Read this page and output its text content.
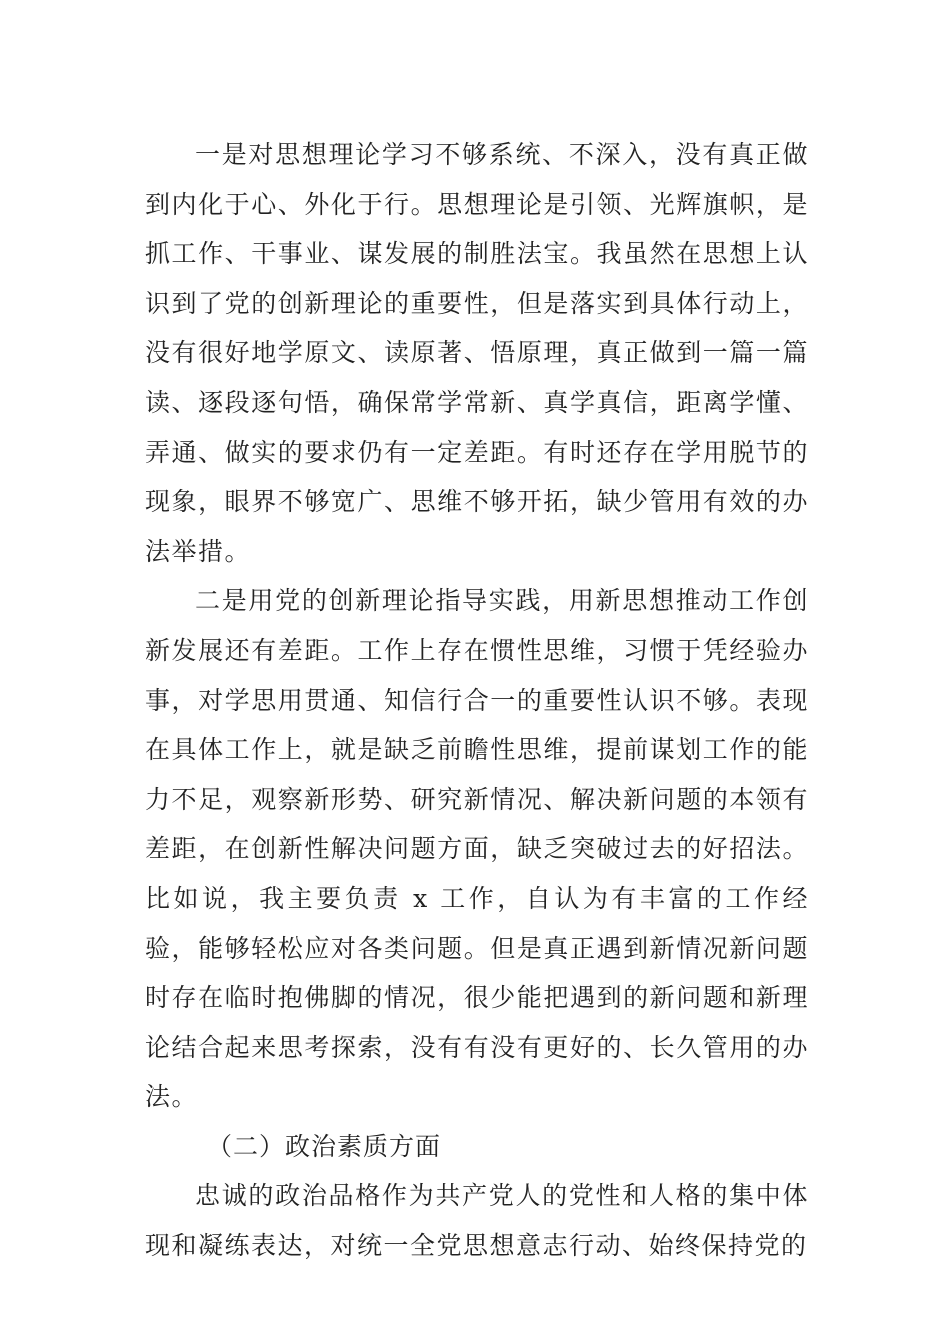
一是对思想理论学习不够系统、不深入，没有真正做到内化于心、外化于行。思想理论是引领、光辉旗帜，是抓工作、干事业、谋发展的制胜法宝。我虽然在思想上认识到了党的创新理论的重要性，但是落实到具体行动上，没有很好地学原文、读原著、悟原理，真正做到一篇一篇读、逐段逐句悟，确保常学常新、真学真信，距离学懂、弄通、做实的要求仍有一定差距。有时还存在学用脱节的现象，眼界不够宽广、思维不够开拓，缺少管用有效的办法举措。

二是用党的创新理论指导实践，用新思想推动工作创新发展还有差距。工作上存在惯性思维，习惯于凭经验办事，对学思用贯通、知信行合一的重要性认识不够。表现在具体工作上，就是缺乏前瞻性思维，提前谋划工作的能力不足，观察新形势、研究新情况、解决新问题的本领有差距，在创新性解决问题方面，缺乏突破过去的好招法。比如说，我主要负责 x 工作，自认为有丰富的工作经验，能够轻松应对各类问题。但是真正遇到新情况新问题时存在临时抱佛脚的情况，很少能把遇到的新问题和新理论结合起来思考探索，没有有没有更好的、长久管用的办法。

（二）政治素质方面

忠诚的政治品格作为共产党人的党性和人格的集中体现和凝练表达，对统一全党思想意志行动、始终保持党的
